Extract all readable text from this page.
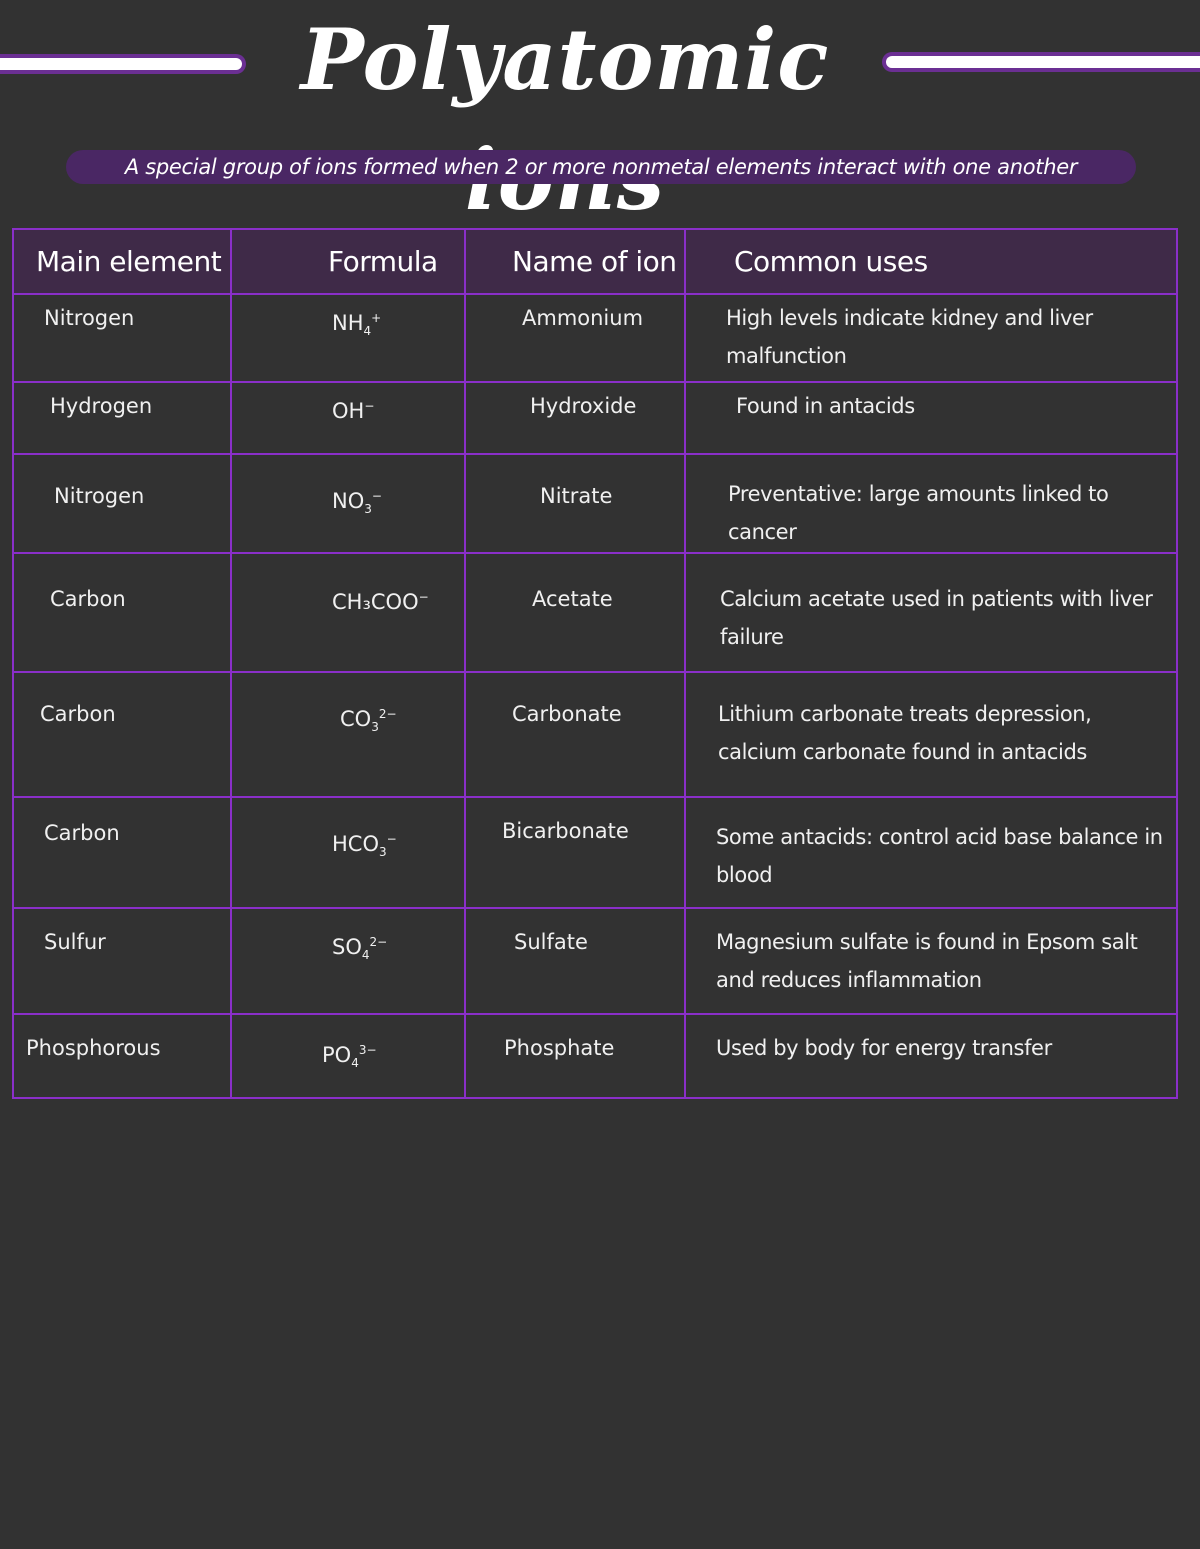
Polyatomic
A special group of ions formed when 2 or more nonmetal elements interact with one another
Main element	Formula	Name of ion	Common uses
Nitrogen	$NH_4^+$	Ammonium	High levels indicate kidney and liver malfunction
Hydrogen	OH−	Hydroxide	Found in antacids
Nitrogen	$NO_3^-$	Nitrate	Preventative: large amounts linked to cancer
Carbon	CH₃COO−	Acetate	Calcium acetate used in patients with liver failure
Carbon	$CO_3^{2-}$	Carbonate	Lithium carbonate treats depression, calcium carbonate found in antacids
Carbon	$HCO_3^-$	Bicarbonate	Some antacids: control acid base balance in blood
Sulfur	$SO_4^{2-}$	Sulfate	Magnesium sulfate is found in Epsom salt and reduces inflammation
Phosphorous	$PO_4^{3-}$	Phosphate	Used by body for energy transfer
